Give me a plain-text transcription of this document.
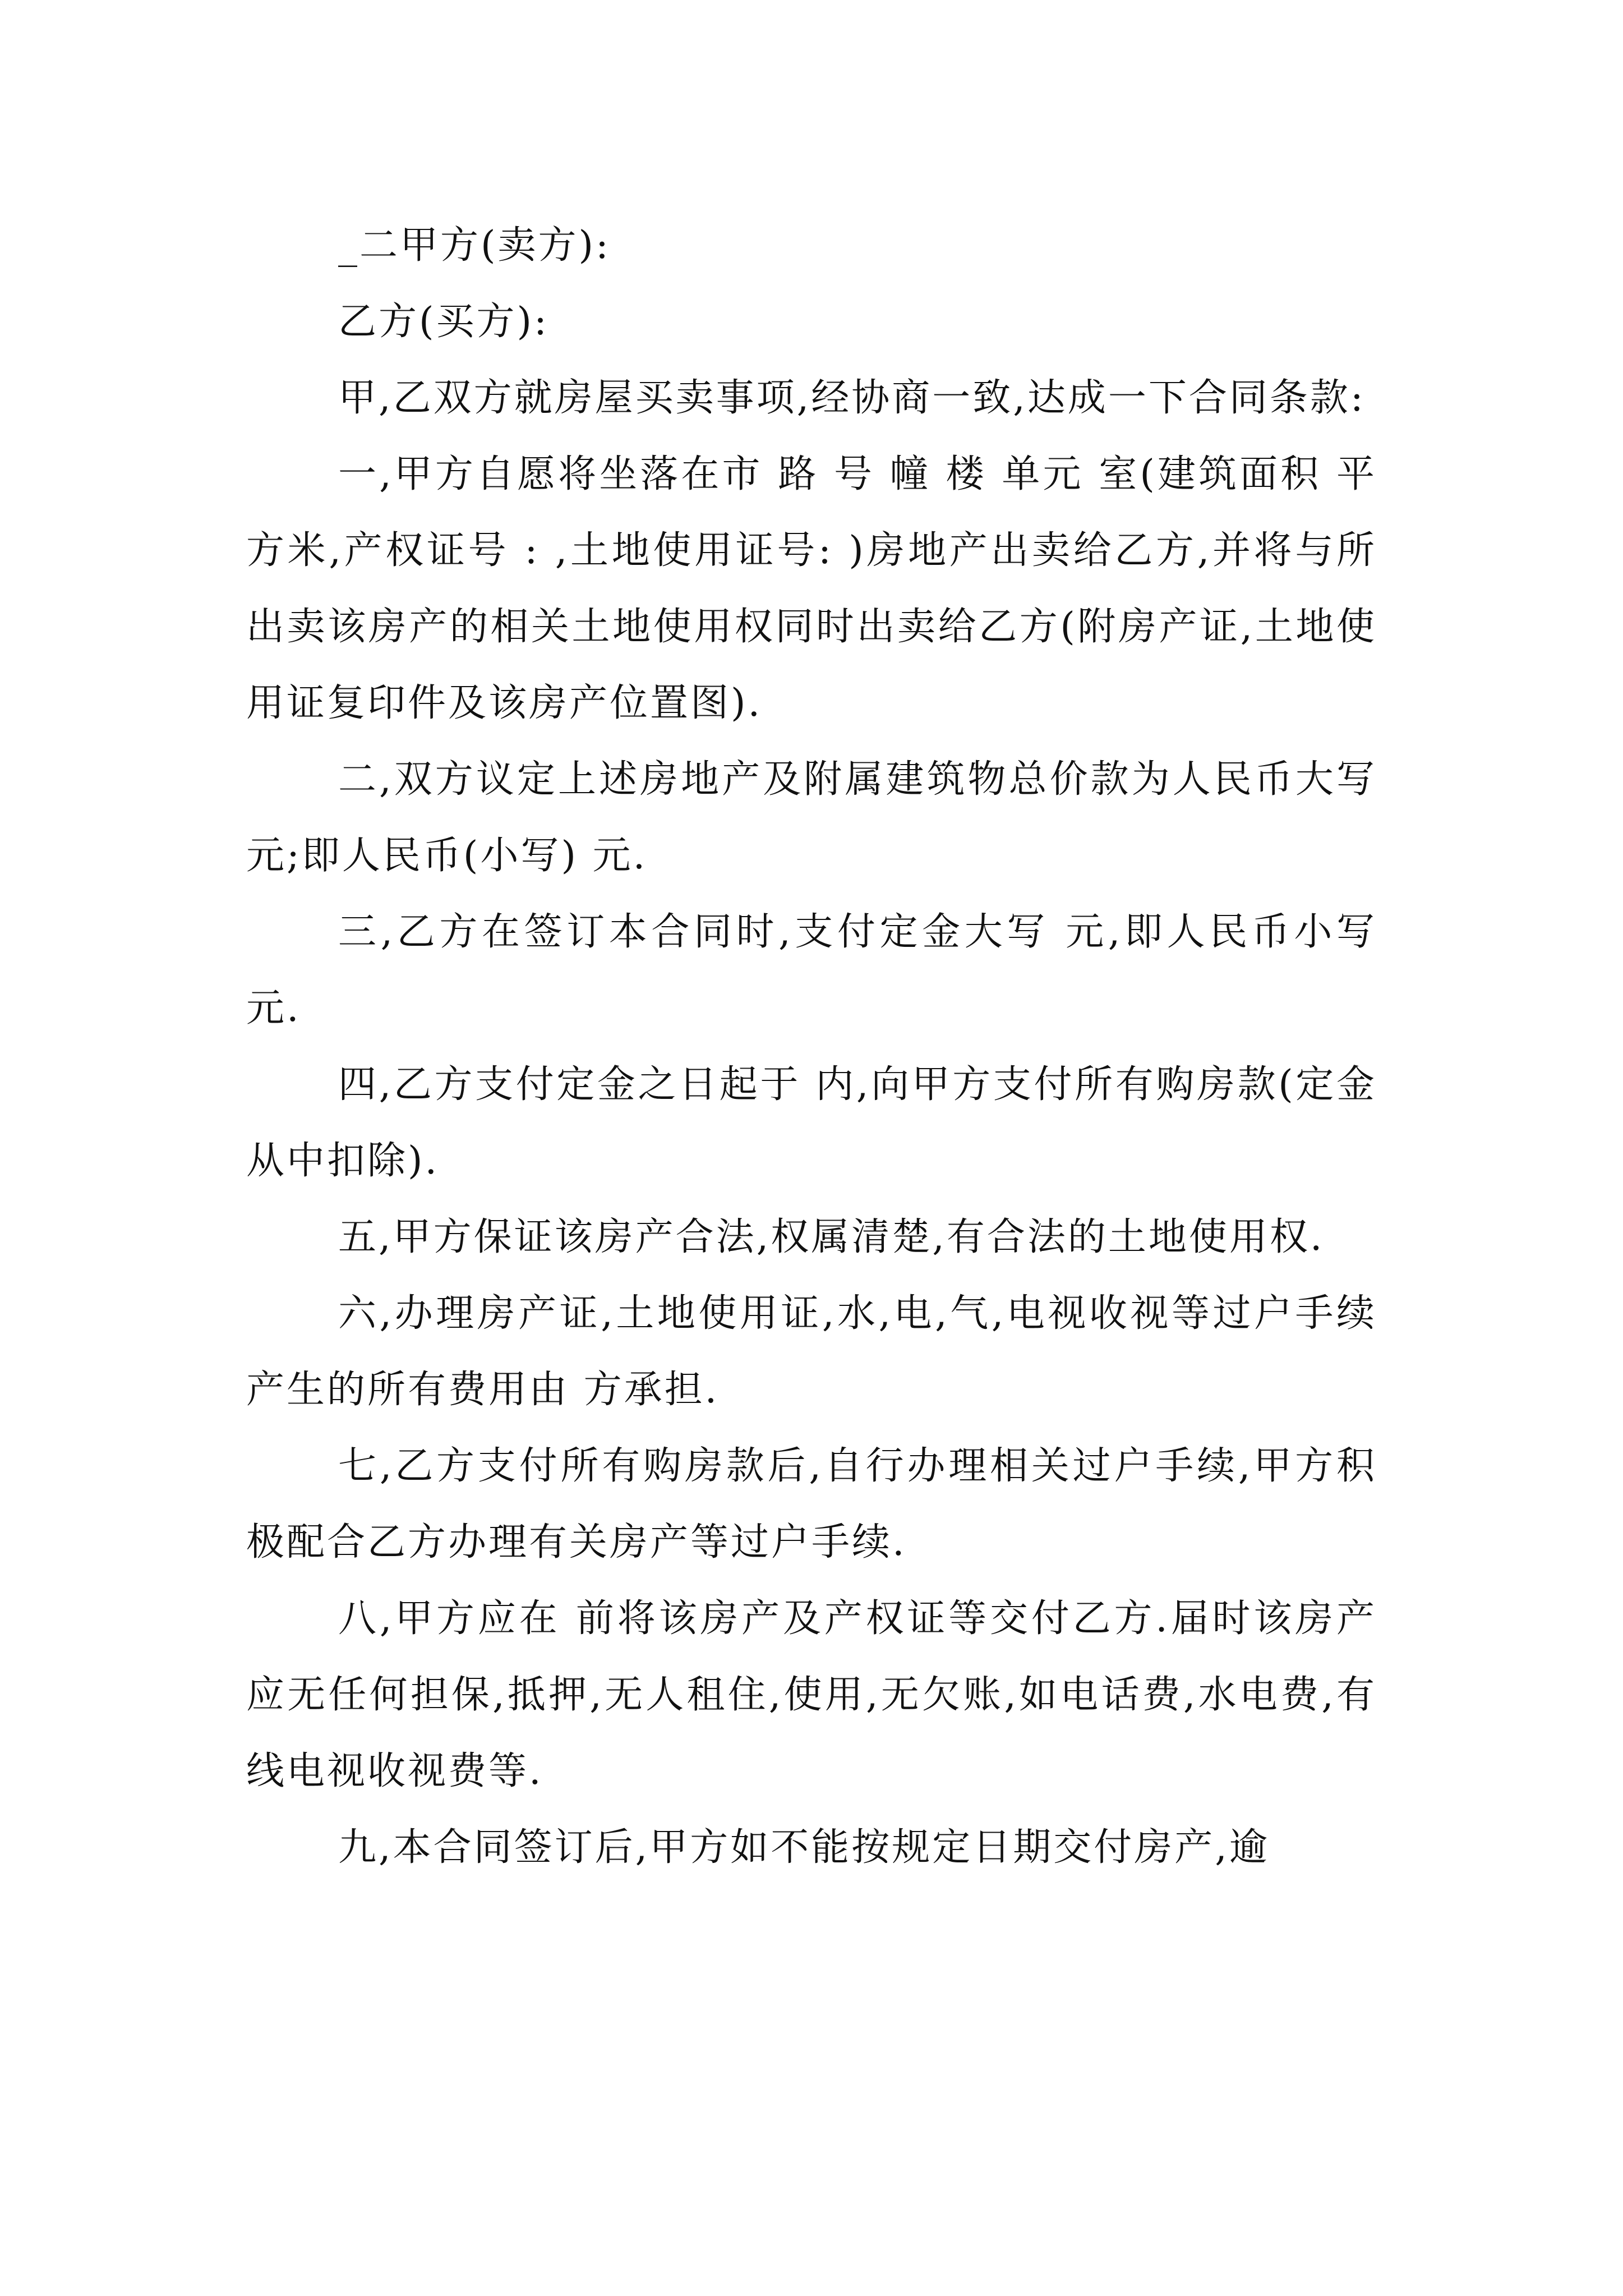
_二甲方(卖方):

乙方(买方):

甲,乙双方就房屋买卖事项,经协商一致,达成一下合同条款:

一,甲方自愿将坐落在市 路 号 幢 楼 单元 室(建筑面积 平方米,产权证号 : ,土地使用证号: )房地产出卖给乙方,并将与所出卖该房产的相关土地使用权同时出卖给乙方(附房产证,土地使用证复印件及该房产位置图).

二,双方议定上述房地产及附属建筑物总价款为人民币大写 元;即人民币(小写) 元.

三,乙方在签订本合同时,支付定金大写 元,即人民币小写元.

四,乙方支付定金之日起于 内,向甲方支付所有购房款(定金从中扣除).

五,甲方保证该房产合法,权属清楚,有合法的土地使用权.

六,办理房产证,土地使用证,水,电,气,电视收视等过户手续产生的所有费用由 方承担.

七,乙方支付所有购房款后,自行办理相关过户手续,甲方积极配合乙方办理有关房产等过户手续.

八,甲方应在 前将该房产及产权证等交付乙方.届时该房产应无任何担保,抵押,无人租住,使用,无欠账,如电话费,水电费,有线电视收视费等.

九,本合同签订后,甲方如不能按规定日期交付房产,逾
